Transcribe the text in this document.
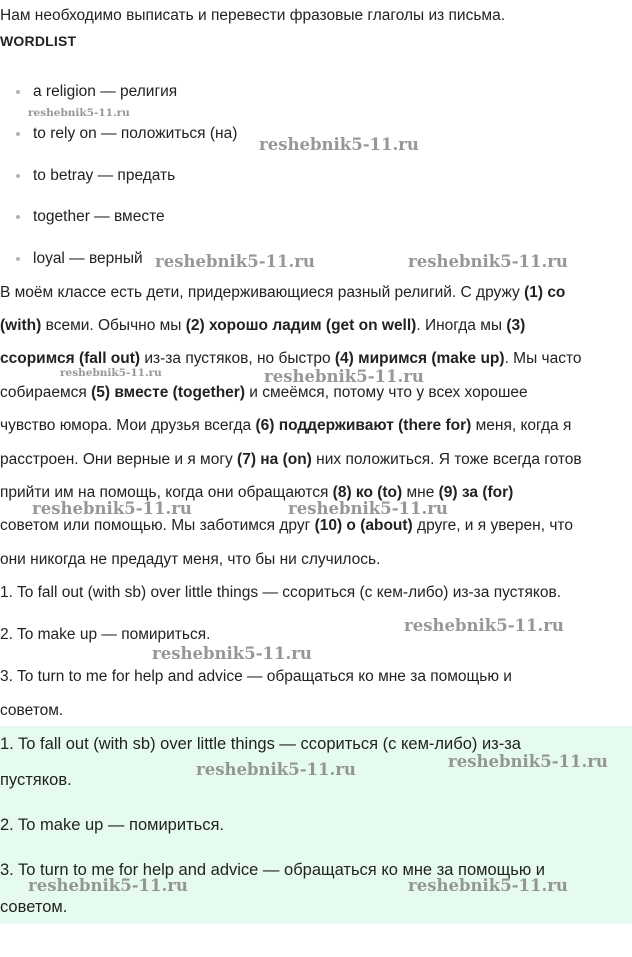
Нам необходимо выписать и перевести фразовые глаголы из письма.
WORDLIST
a religion — религия
to rely on — положиться (на)
to betray — предать
together — вместе
loyal — верный
В моём классе есть дети, придерживающиеся разный религий. С дружу (1) со
(with) всеми. Обычно мы (2) хорошо ладим (get on well). Иногда мы (3)
ссоримся (fall out) из-за пустяков, но быстро (4) миримся (make up). Мы часто
собираемся (5) вместе (together) и смеёмся, потому что у всех хорошее
чувство юмора. Мои друзья всегда (6) поддерживают (there for) меня, когда я
расстроен. Они верные и я могу (7) на (on) них положиться. Я тоже всегда готов
прийти им на помощь, когда они обращаются (8) ко (to) мне (9) за (for)
советом или помощью. Мы заботимся друг (10) о (about) друге, и я уверен, что
они никогда не предадут меня, что бы ни случилось.
1. To fall out (with sb) over little things — ссориться (с кем-либо) из-за пустяков.
2. To make up — помириться.
3. To turn to me for help and advice — обращаться ко мне за помощью и
советом.
1. To fall out (with sb) over little things — ссориться (с кем-либо) из-за
пустяков.
2. To make up — помириться.
3. To turn to me for help and advice — обращаться ко мне за помощью и
советом.
reshebnik5-11.ru
reshebnik5-11.ru
reshebnik5-11.ru	reshebnik5-11.ru
reshebnik5-11.ru	reshebnik5-11.ru
reshebnik5-11.ru	reshebnik5-11.ru
reshebnik5-11.ru
reshebnik5-11.ru
reshebnik5-11.ru	reshebnik5-11.ru
reshebnik5-11.ru	reshebnik5-11.ru
